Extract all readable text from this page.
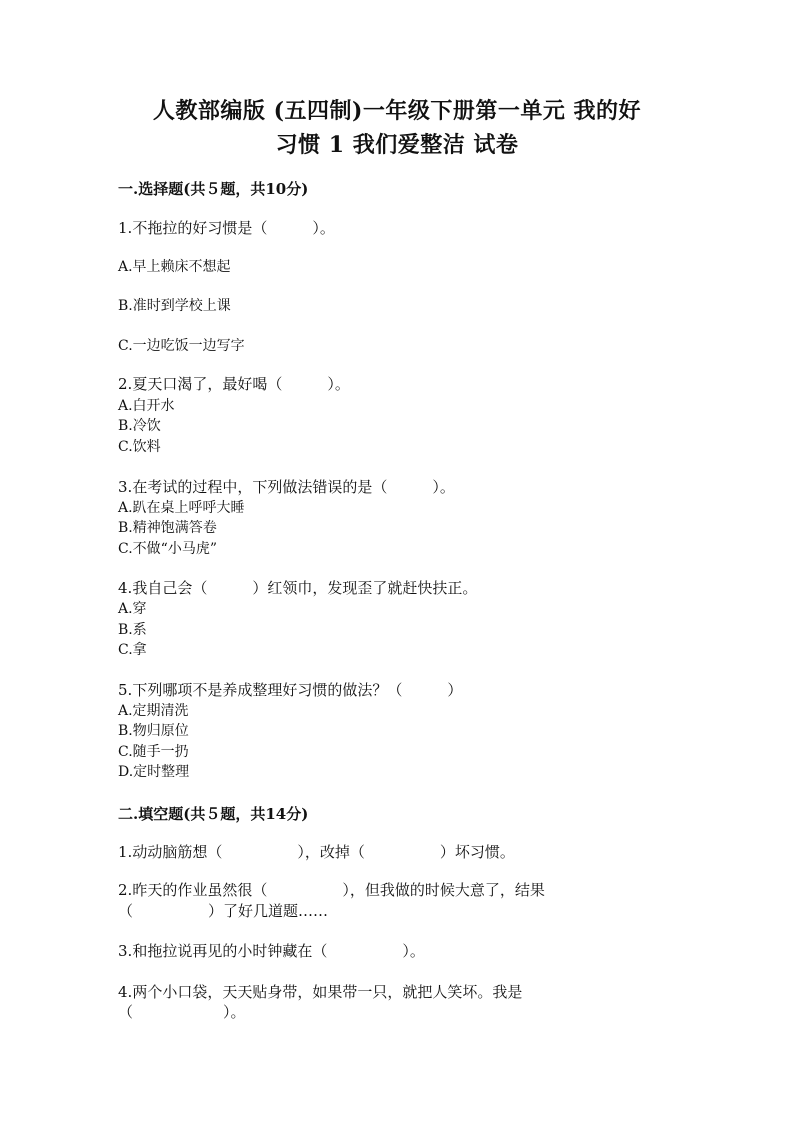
人教部编版 (五四制)一年级下册第一单元 我的好
习惯 1 我们爱整洁 试卷
一.选择题(共５题，共10分)
1.不拖拉的好习惯是（　　　）。
A.早上赖床不想起
B.准时到学校上课
C.一边吃饭一边写字
2.夏天口渴了，最好喝（　　　）。
A.白开水
B.冷饮
C.饮料
3.在考试的过程中，下列做法错误的是（　　　）。
A.趴在桌上呼呼大睡
B.精神饱满答卷
C.不做“小马虎”
4.我自己会（　　　）红领巾，发现歪了就赶快扶正。
A.穿
B.系
C.拿
5.下列哪项不是养成整理好习惯的做法？（　　　）
A.定期清洗
B.物归原位
C.随手一扔
D.定时整理
二.填空题(共５题，共14分)
1.动动脑筋想（　　　　　），改掉（　　　　　）坏习惯。
2.昨天的作业虽然很（　　　　　），但我做的时候大意了，结果
（　　　　　）了好几道题……
3.和拖拉说再见的小时钟藏在（　　　　　）。
4.两个小口袋，天天贴身带，如果带一只，就把人笑坏。我是
（　　　　　　）。
